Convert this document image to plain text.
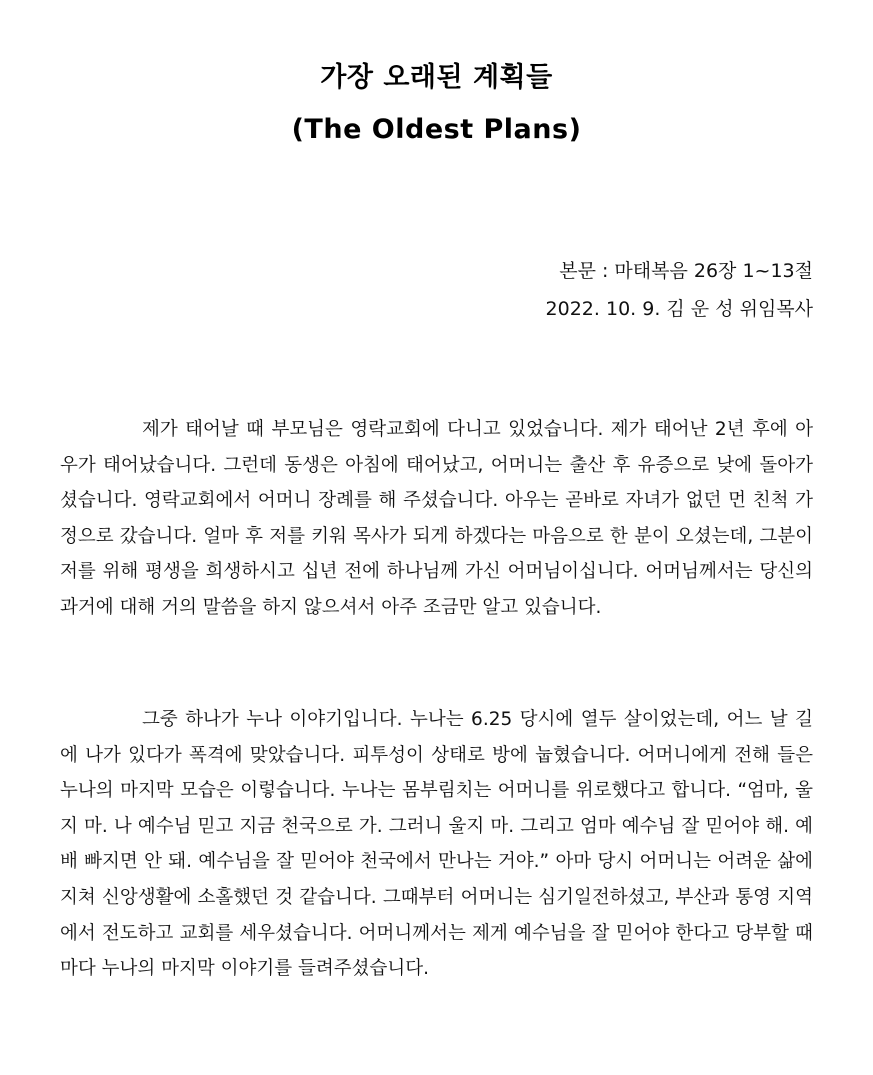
가장 오래된 계획들
(The Oldest Plans)
본문 : 마태복음 26장 1~13절
2022. 10. 9. 김 운 성 위임목사
제가 태어날 때 부모님은 영락교회에 다니고 있었습니다. 제가 태어난 2년 후에 아우가 태어났습니다. 그런데 동생은 아침에 태어났고, 어머니는 출산 후 유증으로 낮에 돌아가셨습니다. 영락교회에서 어머니 장례를 해 주셨습니다. 아우는 곧바로 자녀가 없던 먼 친척 가정으로 갔습니다. 얼마 후 저를 키워 목사가 되게 하겠다는 마음으로 한 분이 오셨는데, 그분이 저를 위해 평생을 희생하시고 십년 전에 하나님께 가신 어머님이십니다. 어머님께서는 당신의 과거에 대해 거의 말씀을 하지 않으셔서 아주 조금만 알고 있습니다.
그중 하나가 누나 이야기입니다. 누나는 6.25 당시에 열두 살이었는데, 어느 날 길에 나가 있다가 폭격에 맞았습니다. 피투성이 상태로 방에 눕혔습니다. 어머니에게 전해 들은 누나의 마지막 모습은 이렇습니다. 누나는 몸부림치는 어머니를 위로했다고 합니다. “엄마, 울지 마. 나 예수님 믿고 지금 천국으로 가. 그러니 울지 마. 그리고 엄마 예수님 잘 믿어야 해. 예배 빠지면 안 돼. 예수님을 잘 믿어야 천국에서 만나는 거야.” 아마 당시 어머니는 어려운 삶에 지쳐 신앙생활에 소홀했던 것 같습니다. 그때부터 어머니는 심기일전하셨고, 부산과 통영 지역에서 전도하고 교회를 세우셨습니다. 어머니께서는 제게 예수님을 잘 믿어야 한다고 당부할 때마다 누나의 마지막 이야기를 들려주셨습니다.
